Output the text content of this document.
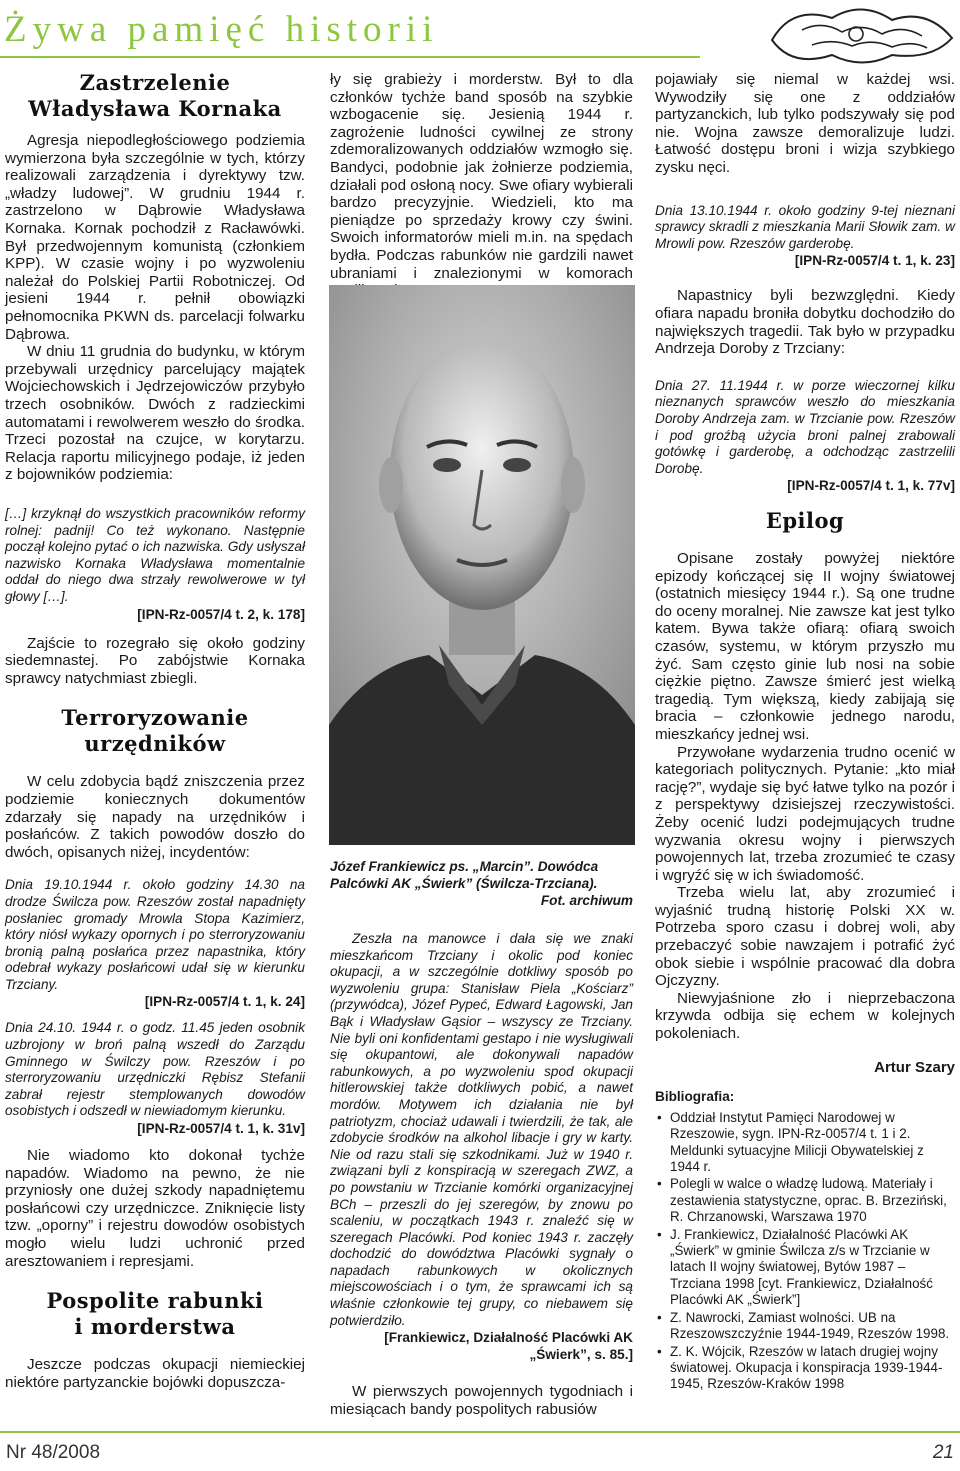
Żywa pamięć historii
Zastrzelenie
Władysława Kornaka

Agresja niepodległościowego podziemia wymierzona była szczególnie w tych, którzy realizowali zarządzenia i dyrektywy tzw. „władzy ludowej”. W grudniu 1944 r. zastrzelono w Dąbrowie Władysława Kornaka. Kornak pochodził z Racławówki. Był przedwojennym komunistą (członkiem KPP). W czasie wojny i po wyzwoleniu należał do Polskiej Partii Robotniczej. Od jesieni 1944 r. pełnił obowiązki pełnomocnika PKWN ds. parcelacji folwarku Dąbrowa.

W dniu 11 grudnia do budynku, w którym przebywali urzędnicy parcelujący majątek Wojciechowskich i Jędrzejowiczów przybyło trzech osobników. Dwóch z radzieckimi automatami i rewolwerem weszło do środka. Trzeci pozostał na czujce, w korytarzu. Relacja raportu milicyjnego podaje, iż jeden z bojowników podziemia:

ły się grabieży i morderstw. Był to dla członków tychże band sposób na szybkie wzbogacenie się. Jesienią 1944 r. zagrożenie ludności cywilnej ze strony zdemoralizowanych oddziałów wzmogło się. Bandyci, podobnie jak żołnierze podziemia, działali pod osłoną nocy. Swe ofiary wybierali bardzo precyzyjnie. Wiedzieli, kto ma pieniądze po sprzedaży krowy czy świni. Swoich informatorów mieli m.in. na spędach bydła. Podczas rabunków nie gardzili nawet ubraniami i znalezionymi w komorach

pojawiały się niemal w każdej wsi. Wywodziły się one z oddziałów partyzanckich, lub tylko podszywały się pod nie. Wojna zawsze demoralizuje ludzi. Łatwość dostępu broni i wizja szybkiego zysku nęci.

Dnia 13.10.1944 r. około godziny 9-tej nieznani sprawcy skradli z mieszkania Marii Słowik zam. w Mrowli pow. Rzeszów garderobę.
[IPN-Rz-0057/4 t. 1, k. 23]

Napastnicy byli bezwzględni. Kiedy ofiara napadu broniła dobytku dochodziło do największych tragedii. Tak było w przypadku Andrzeja Doroby z Trzciany:

Dnia 27. 11.1944 r. w porze wieczornej kilku nieznanych sprawców weszło do mieszkania Doroby Andrzeja zam. w Trzcianie pow. Rzeszów i pod groźbą użycia broni palnej zrabowali gotówkę i garderobę, a odchodząc zastrzelili Dorobę.
[IPN-Rz-0057/4 t. 1, k. 77v]
[…] krzyknął do wszystkich pracowników reformy rolnej: padnij! Co też wykonano. Następnie począł kolejno pytać o ich nazwiska. Gdy usłyszał nazwisko Kornaka Władysława momentalnie oddał do niego dwa strzały rewolwerowe w tył głowy […].
[IPN-Rz-0057/4 t. 2, k. 178]

Zajście to rozegrało się około godziny siedemnastej. Po zabójstwie Kornaka sprawcy natychmiast zbiegli.

Terroryzowanie
urzędników

W celu zdobycia bądź zniszczenia przez podziemie koniecznych dokumentów zdarzały się napady na urzędników i posłańców. Z takich powodów doszło do dwóch, opisanych niżej, incydentów:

Dnia 19.10.1944 r. około godziny 14.30 na drodze Świlcza pow. Rzeszów został napadnięty posłaniec gromady Mrowla Stopa Kazimierz, który niósł wykazy opornych i po sterroryzowaniu bronią palną posłańca przez napastnika, który odebrał wykazy posłańcowi udał się w kierunku Trzciany.
[IPN-Rz-0057/4 t. 1, k. 24]
Dnia 24.10. 1944 r. o godz. 11.45 jeden osobnik uzbrojony w broń palną wszedł do Zarządu Gminnego w Świlczy pow. Rzeszów i po sterroryzowaniu urzędniczki Rębisz Stefanii zabrał rejestr stemplowanych dowodów osobistych i odszedł w niewiadomym kierunku.
[IPN-Rz-0057/4 t. 1, k. 31v]

Nie wiadomo kto dokonał tychże napadów. Wiadomo na pewno, że nie przyniosły one dużej szkody napadniętemu posłańcowi czy urzędniczce. Zniknięcie listy tzw. „oporny” i rejestru dowodów osobistych mogło wielu ludzi uchronić przed aresztowaniem i represjami.

Pospolite rabunki
i morderstwa

Jeszcze podczas okupacji niemieckiej niektóre partyzanckie bojówki dopuszcza-

Józef Frankiewicz ps. „Marcin”. Dowódca Palcówki AK „Świerk” (Świlcza-Trzciana).
Fot. archiwum
Zeszła na manowce i dała się we znaki mieszkańcom Trzciany i okolic pod koniec okupacji, a w szczególnie dotkliwy sposób po wyzwoleniu grupa: Stanisław Piela „Kościarz” (przywódca), Józef Pypeć, Edward Łagowski, Jan Bąk i Władysław Gąsior – wszyscy ze Trzciany. Nie byli oni konfidentami gestapo i nie wysługiwali się okupantowi, ale dokonywali napadów rabunkowych, a po wyzwoleniu spod okupacji hitlerowskiej także dotkliwych pobić, a nawet mordów. Motywem ich działania nie był patriotyzm, chociaż udawali i twierdzili, że tak, ale zdobycie środków na alkohol libacje i gry w karty. Nie od razu stali się szkodnikami. Już w 1940 r. związani byli z konspiracją w szeregach ZWZ, a po powstaniu w Trzcianie komórki organizacyjnej BCh – przeszli do jej szeregów, by znowu po scaleniu, w początkach 1943 r. znaleźć się w szeregach Placówki. Pod koniec 1943 r. zaczęły dochodzić do dowództwa Placówki sygnały o napadach rabunkowych w okolicznych miejscowościach i o tym, że sprawcami ich są właśnie członkowie tej grupy, co niebawem się potwierdziło.
[Frankiewicz, Działalność Placówki AK „Świerk”, s. 85.]

W pierwszych powojennych tygodniach i miesiącach bandy pospolitych rabusiów

Epilog

Opisane zostały powyżej niektóre epizody kończącej się II wojny światowej (ostatnich miesięcy 1944 r.). Są one trudne do oceny moralnej. Nie zawsze kat jest tylko katem. Bywa także ofiarą: ofiarą swoich czasów, systemu, w którym przyszło mu żyć. Sam często ginie lub nosi na sobie ciężkie piętno. Zawsze śmierć jest wielką tragedią. Tym większą, kiedy zabijają się bracia – członkowie jednego narodu, mieszkańcy jednej wsi.

Przywołane wydarzenia trudno ocenić w kategoriach politycznych. Pytanie: „kto miał rację?”, wydaje się być łatwe tylko na pozór i z perspektywy dzisiejszej rzeczywistości. Żeby ocenić ludzi podejmujących trudne wyzwania okresu wojny i pierwszych powojennych lat, trzeba zrozumieć te czasy i wgryźć się w ich świadomość.

Trzeba wielu lat, aby zrozumieć i wyjaśnić trudną historię Polski XX w. Potrzeba sporo czasu i dobrej woli, aby przebaczyć sobie nawzajem i potrafić żyć obok siebie i wspólnie pracować dla dobra Ojczyzny.

Niewyjaśnione zło i nieprzebaczona krzywda odbija się echem w kolejnych pokoleniach.

Artur Szary
Bibliografia:
• Oddział Instytut Pamięci Narodowej w Rzeszowie, sygn. IPN-Rz-0057/4 t. 1 i 2. Meldunki sytuacyjne Milicji Obywatelskiej z 1944 r.
• Polegli w walce o władzę ludową. Materiały i zestawienia statystyczne, oprac. B. Brzeziński, R. Chrzanowski, Warszawa 1970
• J. Frankiewicz, Działalność Placówki AK „Świerk” w gminie Świlcza z/s w Trzcianie w latach II wojny światowej, Bytów 1987 – Trzciana 1998 [cyt. Frankiewicz, Działalność Placówki AK „Świerk”]
• Z. Nawrocki, Zamiast wolności. UB na Rzeszowszczyźnie 1944-1949, Rzeszów 1998.
• Z. K. Wójcik, Rzeszów w latach drugiej wojny światowej. Okupacja i konspiracja 1939-1944-1945, Rzeszów-Kraków 1998
Nr 48/2008	21
